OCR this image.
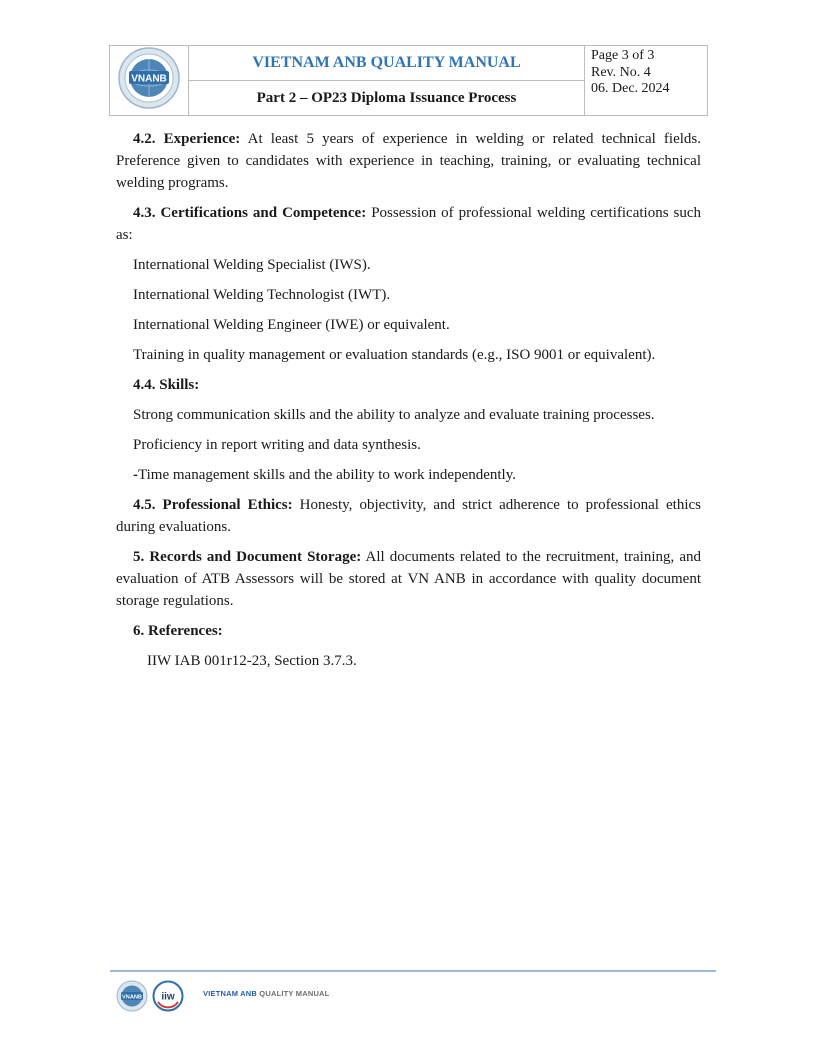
VNANB
	VIETNAM ANB QUALITY MANUAL	Page 3 of 3
Rev. No. 4
06. Dec. 2024

Part 2 – OP23 Diploma Issuance Process

4.2. Experience: At least 5 years of experience in welding or related technical fields. Preference given to candidates with experience in teaching, training, or evaluating technical welding programs.

4.3. Certifications and Competence: Possession of professional welding certifications such as:

International Welding Specialist (IWS).

International Welding Technologist (IWT).

International Welding Engineer (IWE) or equivalent.

Training in quality management or evaluation standards (e.g., ISO 9001 or equivalent).

4.4. Skills:

Strong communication skills and the ability to analyze and evaluate training processes.

Proficiency in report writing and data synthesis.

-Time management skills and the ability to work independently.

4.5. Professional Ethics: Honesty, objectivity, and strict adherence to professional ethics during evaluations.

5. Records and Document Storage: All documents related to the recruitment, training, and evaluation of ATB Assessors will be stored at VN ANB in accordance with quality document storage regulations.

6. References:

IIW IAB 001r12-23, Section 3.7.3.

VNANB iiw	VIETNAM ANB QUALITY MANUAL
